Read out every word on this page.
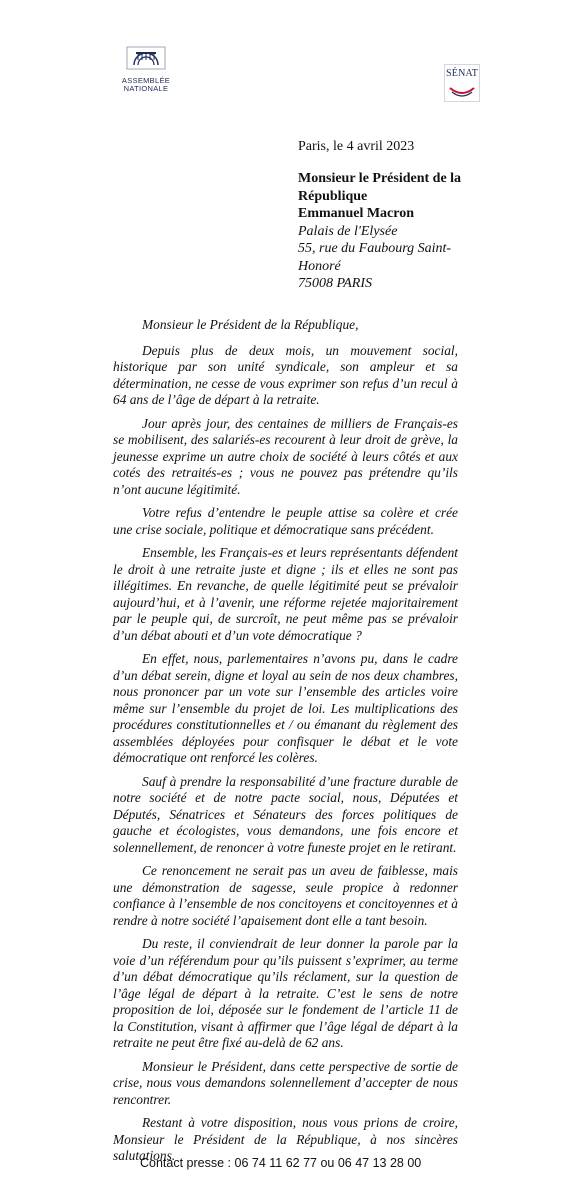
ASSEMBLÉE
NATIONALE
SÉNAT
Paris, le 4 avril 2023
Monsieur le Président de la
République
Emmanuel Macron
Palais de l'Elysée
55, rue du Faubourg Saint-
Honoré
75008 PARIS

Monsieur le Président de la République,

Depuis plus de deux mois, un mouvement social, historique par son unité syndicale, son ampleur et sa détermination, ne cesse de vous exprimer son refus d’un recul à 64 ans de l’âge de départ à la retraite.

Jour après jour, des centaines de milliers de Français-es se mobilisent, des salariés-es recourent à leur droit de grève, la jeunesse exprime un autre choix de société à leurs côtés et aux cotés des retraités-es ; vous ne pouvez pas prétendre qu’ils n’ont aucune légitimité.

Votre refus d’entendre le peuple attise sa colère et crée une crise sociale, politique et démocratique sans précédent.

Ensemble, les Français-es et leurs représentants défendent le droit à une retraite juste et digne ; ils et elles ne sont pas illégitimes. En revanche, de quelle légitimité peut se prévaloir aujourd’hui, et à l’avenir, une réforme rejetée majoritairement par le peuple qui, de surcroît, ne peut même pas se prévaloir d’un débat abouti et d’un vote démocratique ?

En effet, nous, parlementaires n’avons pu, dans le cadre d’un débat serein, digne et loyal au sein de nos deux chambres, nous prononcer par un vote sur l’ensemble des articles voire même sur l’ensemble du projet de loi. Les multiplications des procédures constitutionnelles et / ou émanant du règlement des assemblées déployées pour confisquer le débat et le vote démocratique ont renforcé les colères.

Sauf à prendre la responsabilité d’une fracture durable de notre société et de notre pacte social, nous, Députées et Députés, Sénatrices et Sénateurs des forces politiques de gauche et écologistes, vous demandons, une fois encore et solennellement, de renoncer à votre funeste projet en le retirant.

Ce renoncement ne serait pas un aveu de faiblesse, mais une démonstration de sagesse, seule propice à redonner confiance à l’ensemble de nos concitoyens et concitoyennes et à rendre à notre société l’apaisement dont elle a tant besoin.

Du reste, il conviendrait de leur donner la parole par la voie d’un référendum pour qu’ils puissent s’exprimer, au terme d’un débat démocratique qu’ils réclament, sur la question de l’âge légal de départ à la retraite. C’est le sens de notre proposition de loi, déposée sur le fondement de l’article 11 de la Constitution, visant à affirmer que l’âge légal de départ à la retraite ne peut être fixé au-delà de 62 ans.

Monsieur le Président, dans cette perspective de sortie de crise, nous vous demandons solennellement d’accepter de nous rencontrer.

Restant à votre disposition, nous vous prions de croire, Monsieur le Président de la République, à nos sincères salutations.

Contact presse : 06 74 11 62 77 ou 06 47 13 28 00
